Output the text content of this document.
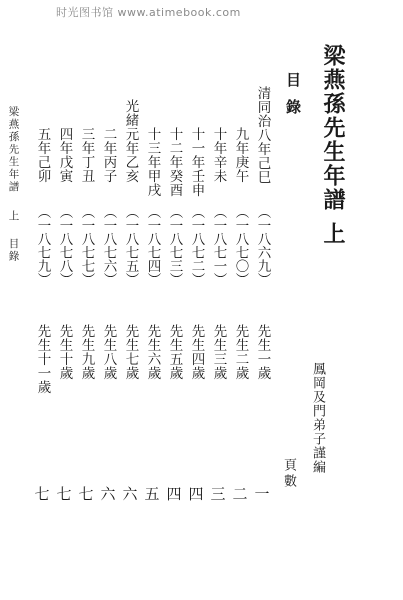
时光图书馆 www.atimebook.com
梁燕孫先生年譜上
目錄
鳳岡及門弟子謹編
頁數
清同治八年己巳
九年庚午
十年辛未
十一年壬申
十二年癸酉
十三年甲戌
光緒元年乙亥
二年丙子
三年丁丑
四年戊寅
五年己卯
（一八六九）
（一八七〇）
（一八七一）
（一八七二）
（一八七三）
（一八七四）
（一八七五）
（一八七六）
（一八七七）
（一八七八）
（一八七九）
先生一歲
先生二歲
先生三歲
先生四歲
先生五歲
先生六歲
先生七歲
先生八歲
先生九歲
先生十歲
先生十一歲
一
二
三
四
四
五
六
六
七
七
七
梁燕孫先生年譜上目錄
